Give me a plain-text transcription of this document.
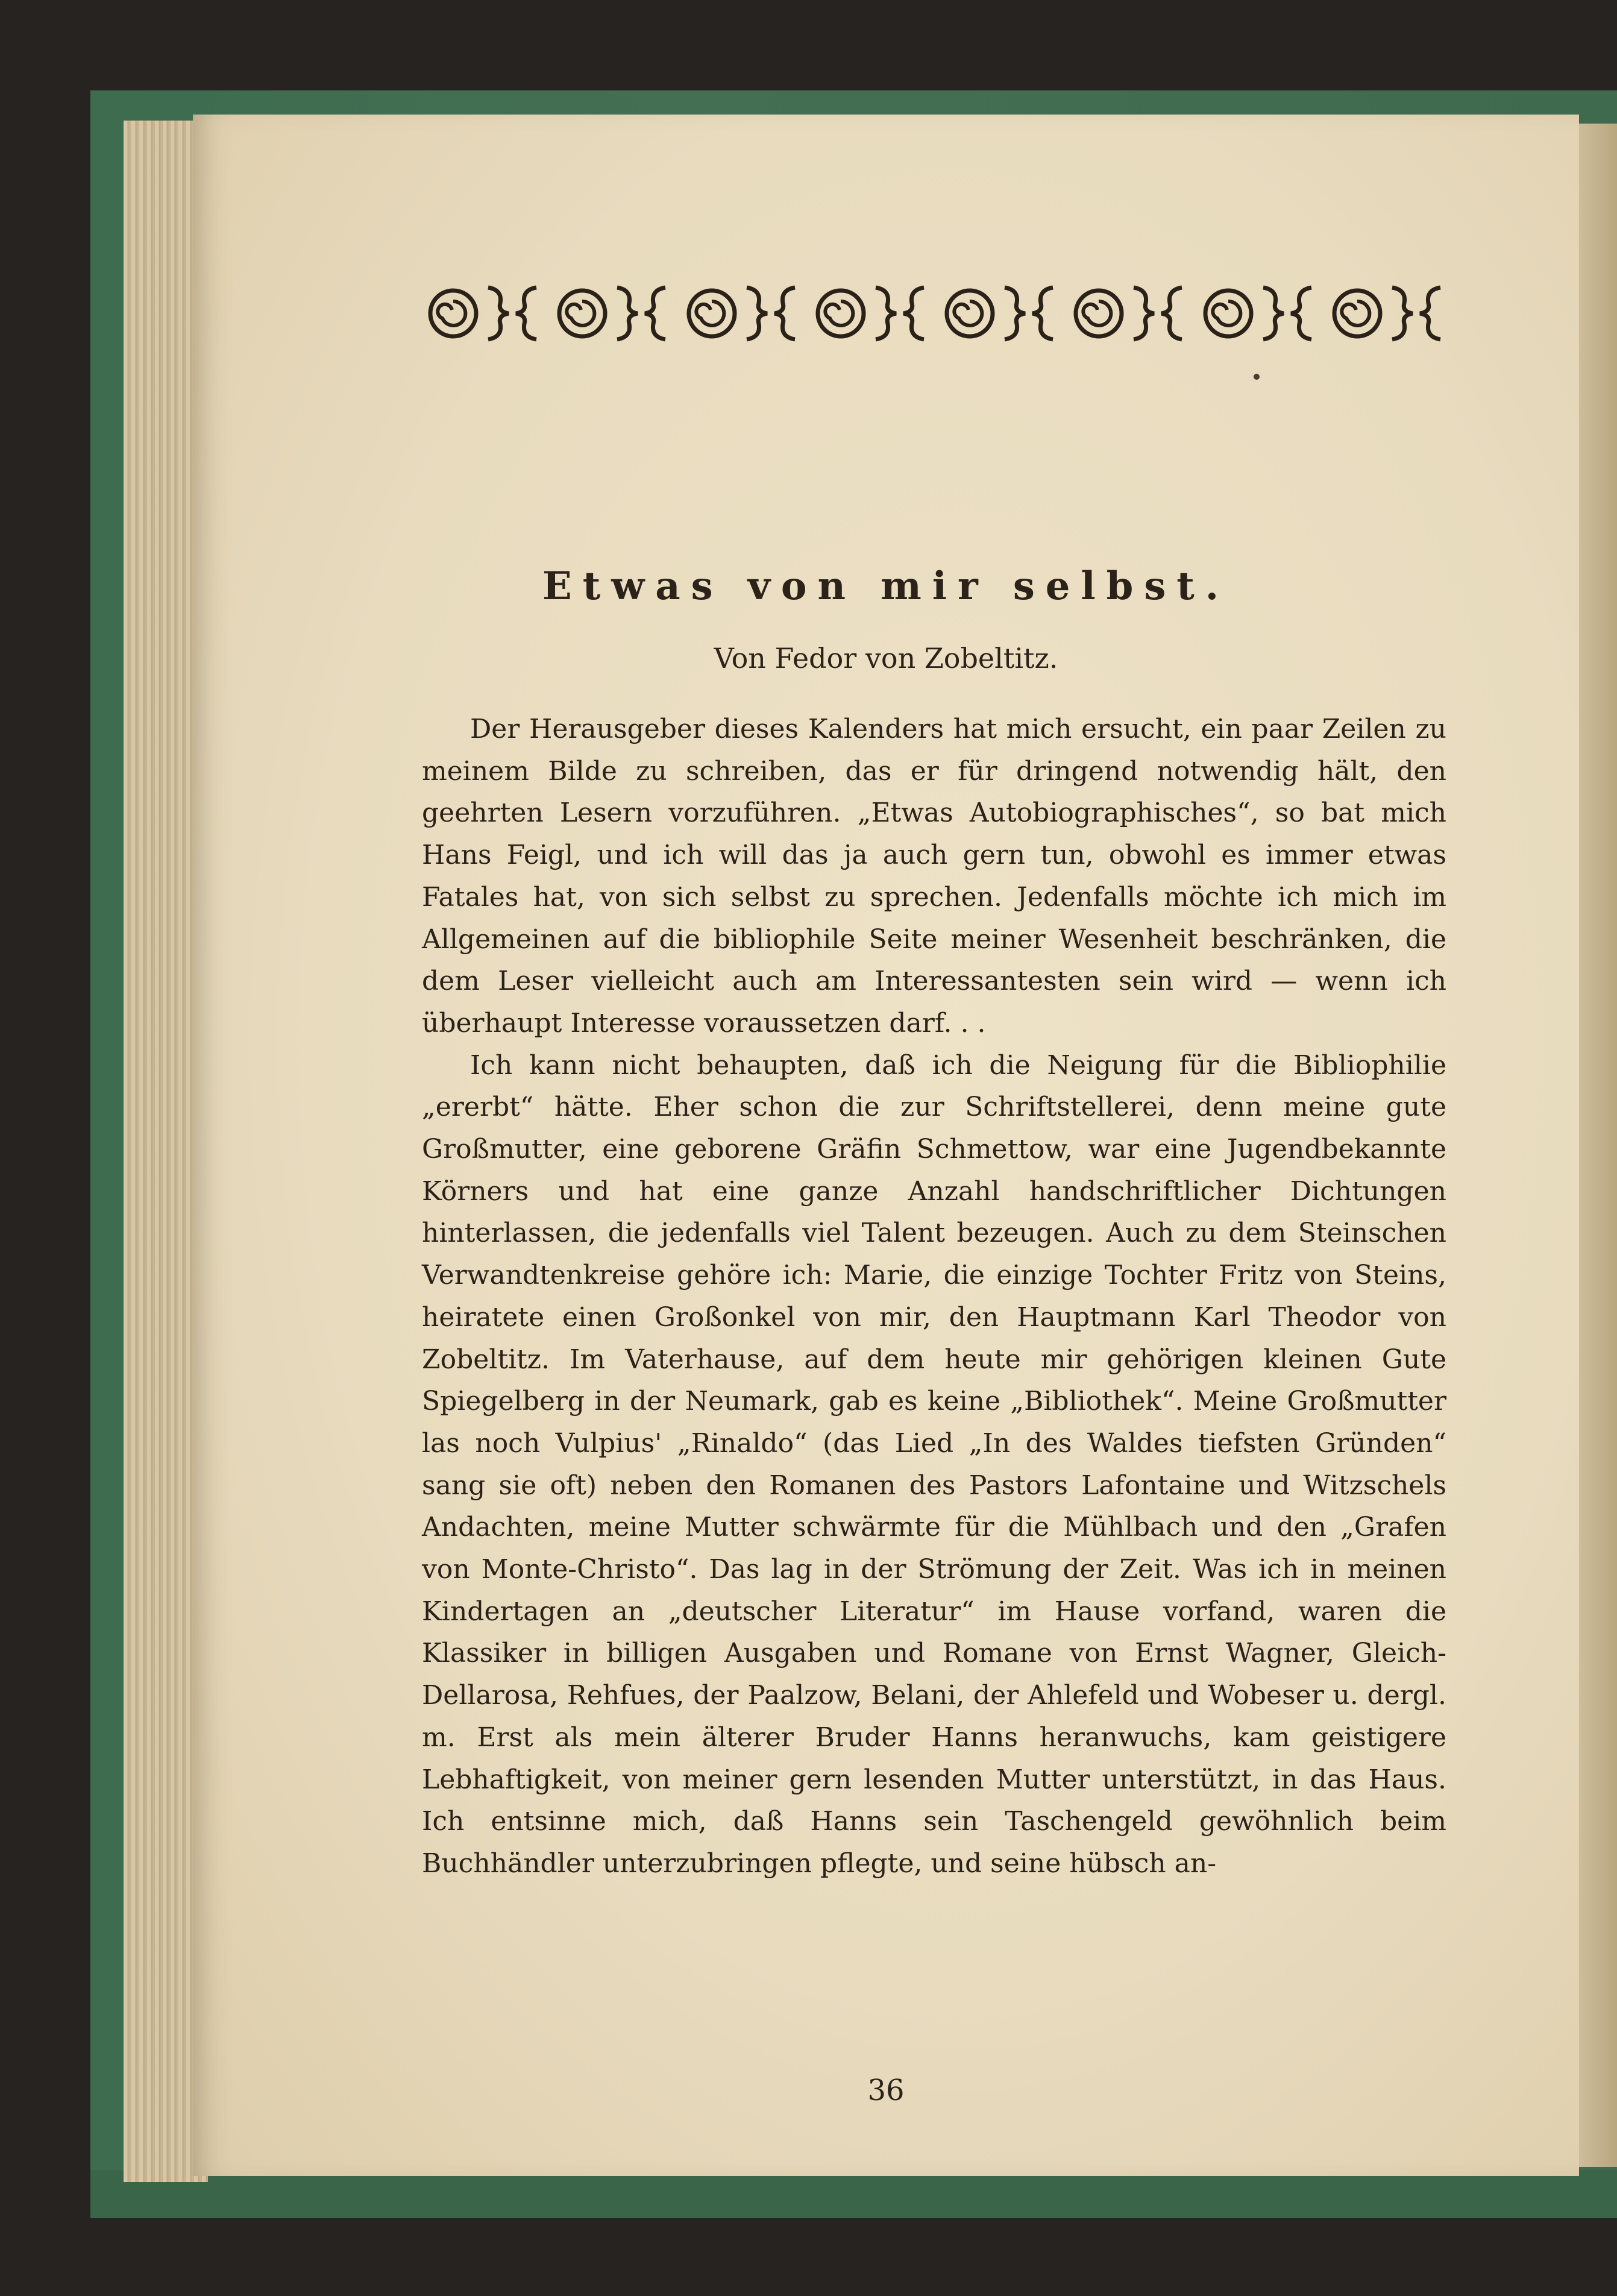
Etwas von mir selbst.
Von Fedor von Zobeltitz.

Der Herausgeber dieses Kalenders hat mich ersucht, ein paar Zeilen zu meinem Bilde zu schreiben, das er für dringend notwendig hält, den geehrten Lesern vorzuführen. „Etwas Autobiographisches“, so bat mich Hans Feigl, und ich will das ja auch gern tun, obwohl es immer etwas Fatales hat, von sich selbst zu sprechen. Jedenfalls möchte ich mich im Allgemeinen auf die bibliophile Seite meiner Wesenheit beschränken, die dem Leser vielleicht auch am Interessantesten sein wird — wenn ich überhaupt Interesse voraussetzen darf. . .

Ich kann nicht behaupten, daß ich die Neigung für die Bibliophilie „ererbt“ hätte. Eher schon die zur Schriftstellerei, denn meine gute Großmutter, eine geborene Gräfin Schmettow, war eine Jugendbekannte Körners und hat eine ganze Anzahl handschriftlicher Dichtungen hinterlassen, die jedenfalls viel Talent bezeugen. Auch zu dem Steinschen Verwandtenkreise gehöre ich: Marie, die einzige Tochter Fritz von Steins, heiratete einen Großonkel von mir, den Hauptmann Karl Theodor von Zobeltitz. Im Vaterhause, auf dem heute mir gehörigen kleinen Gute Spiegelberg in der Neumark, gab es keine „Bibliothek“. Meine Großmutter las noch Vulpius' „Rinaldo“ (das Lied „In des Waldes tiefsten Gründen“ sang sie oft) neben den Romanen des Pastors Lafontaine und Witzschels Andachten, meine Mutter schwärmte für die Mühlbach und den „Grafen von Monte-Christo“. Das lag in der Strömung der Zeit. Was ich in meinen Kindertagen an „deutscher Literatur“ im Hause vorfand, waren die Klassiker in billigen Ausgaben und Romane von Ernst Wagner, Gleich-Dellarosa, Rehfues, der Paalzow, Belani, der Ahlefeld und Wobeser u. dergl. m. Erst als mein älterer Bruder Hanns heranwuchs, kam geistigere Lebhaftigkeit, von meiner gern lesenden Mutter unterstützt, in das Haus. Ich entsinne mich, daß Hanns sein Taschengeld gewöhnlich beim Buchhändler unterzubringen pflegte, und seine hübsch an-

36
